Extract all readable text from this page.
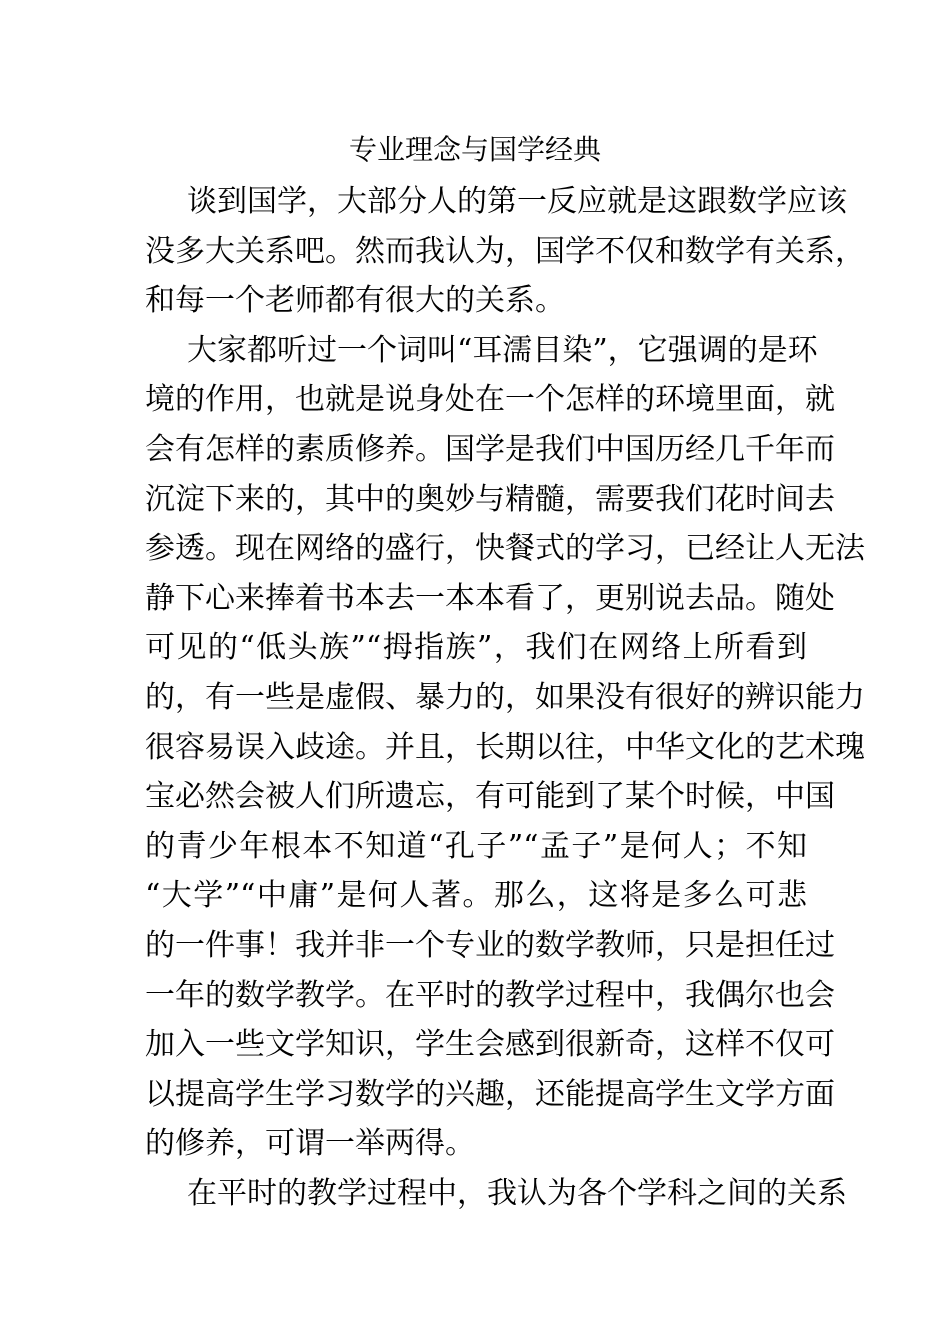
专业理念与国学经典
谈到国学，大部分人的第一反应就是这跟数学应该
没多大关系吧。然而我认为，国学不仅和数学有关系，
和每一个老师都有很大的关系。
大家都听过一个词叫“耳濡目染”，它强调的是环
境的作用，也就是说身处在一个怎样的环境里面，就
会有怎样的素质修养。国学是我们中国历经几千年而
沉淀下来的，其中的奥妙与精髓，需要我们花时间去
参透。现在网络的盛行，快餐式的学习，已经让人无法
静下心来捧着书本去一本本看了，更别说去品。随处
可见的“低头族”“拇指族”，我们在网络上所看到
的，有一些是虚假、暴力的，如果没有很好的辨识能力
很容易误入歧途。并且，长期以往，中华文化的艺术瑰
宝必然会被人们所遗忘，有可能到了某个时候，中国
的青少年根本不知道“孔子”“孟子”是何人；不知
“大学”“中庸”是何人著。那么，这将是多么可悲
的一件事！我并非一个专业的数学教师，只是担任过
一年的数学教学。在平时的教学过程中，我偶尔也会
加入一些文学知识，学生会感到很新奇，这样不仅可
以提高学生学习数学的兴趣，还能提高学生文学方面
的修养，可谓一举两得。
在平时的教学过程中，我认为各个学科之间的关系
